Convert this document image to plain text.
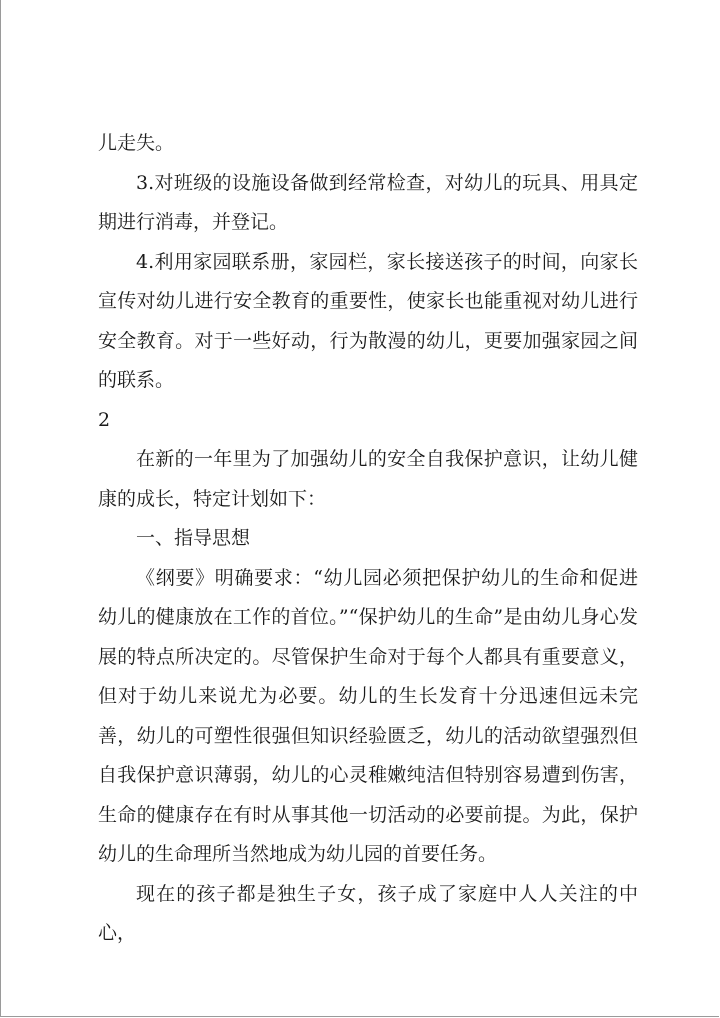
儿走失。

3.对班级的设施设备做到经常检查，对幼儿的玩具、用具定期进行消毒，并登记。

4.利用家园联系册，家园栏，家长接送孩子的时间，向家长宣传对幼儿进行安全教育的重要性，使家长也能重视对幼儿进行安全教育。对于一些好动，行为散漫的幼儿，更要加强家园之间的联系。

2

在新的一年里为了加强幼儿的安全自我保护意识，让幼儿健康的成长，特定计划如下：

一、指导思想

《纲要》明确要求：“幼儿园必须把保护幼儿的生命和促进幼儿的健康放在工作的首位。”“保护幼儿的生命”是由幼儿身心发展的特点所决定的。尽管保护生命对于每个人都具有重要意义，但对于幼儿来说尤为必要。幼儿的生长发育十分迅速但远未完善，幼儿的可塑性很强但知识经验匮乏，幼儿的活动欲望强烈但自我保护意识薄弱，幼儿的心灵稚嫩纯洁但特别容易遭到伤害，生命的健康存在有时从事其他一切活动的必要前提。为此，保护幼儿的生命理所当然地成为幼儿园的首要任务。

现在的孩子都是独生子女，孩子成了家庭中人人关注的中心，
